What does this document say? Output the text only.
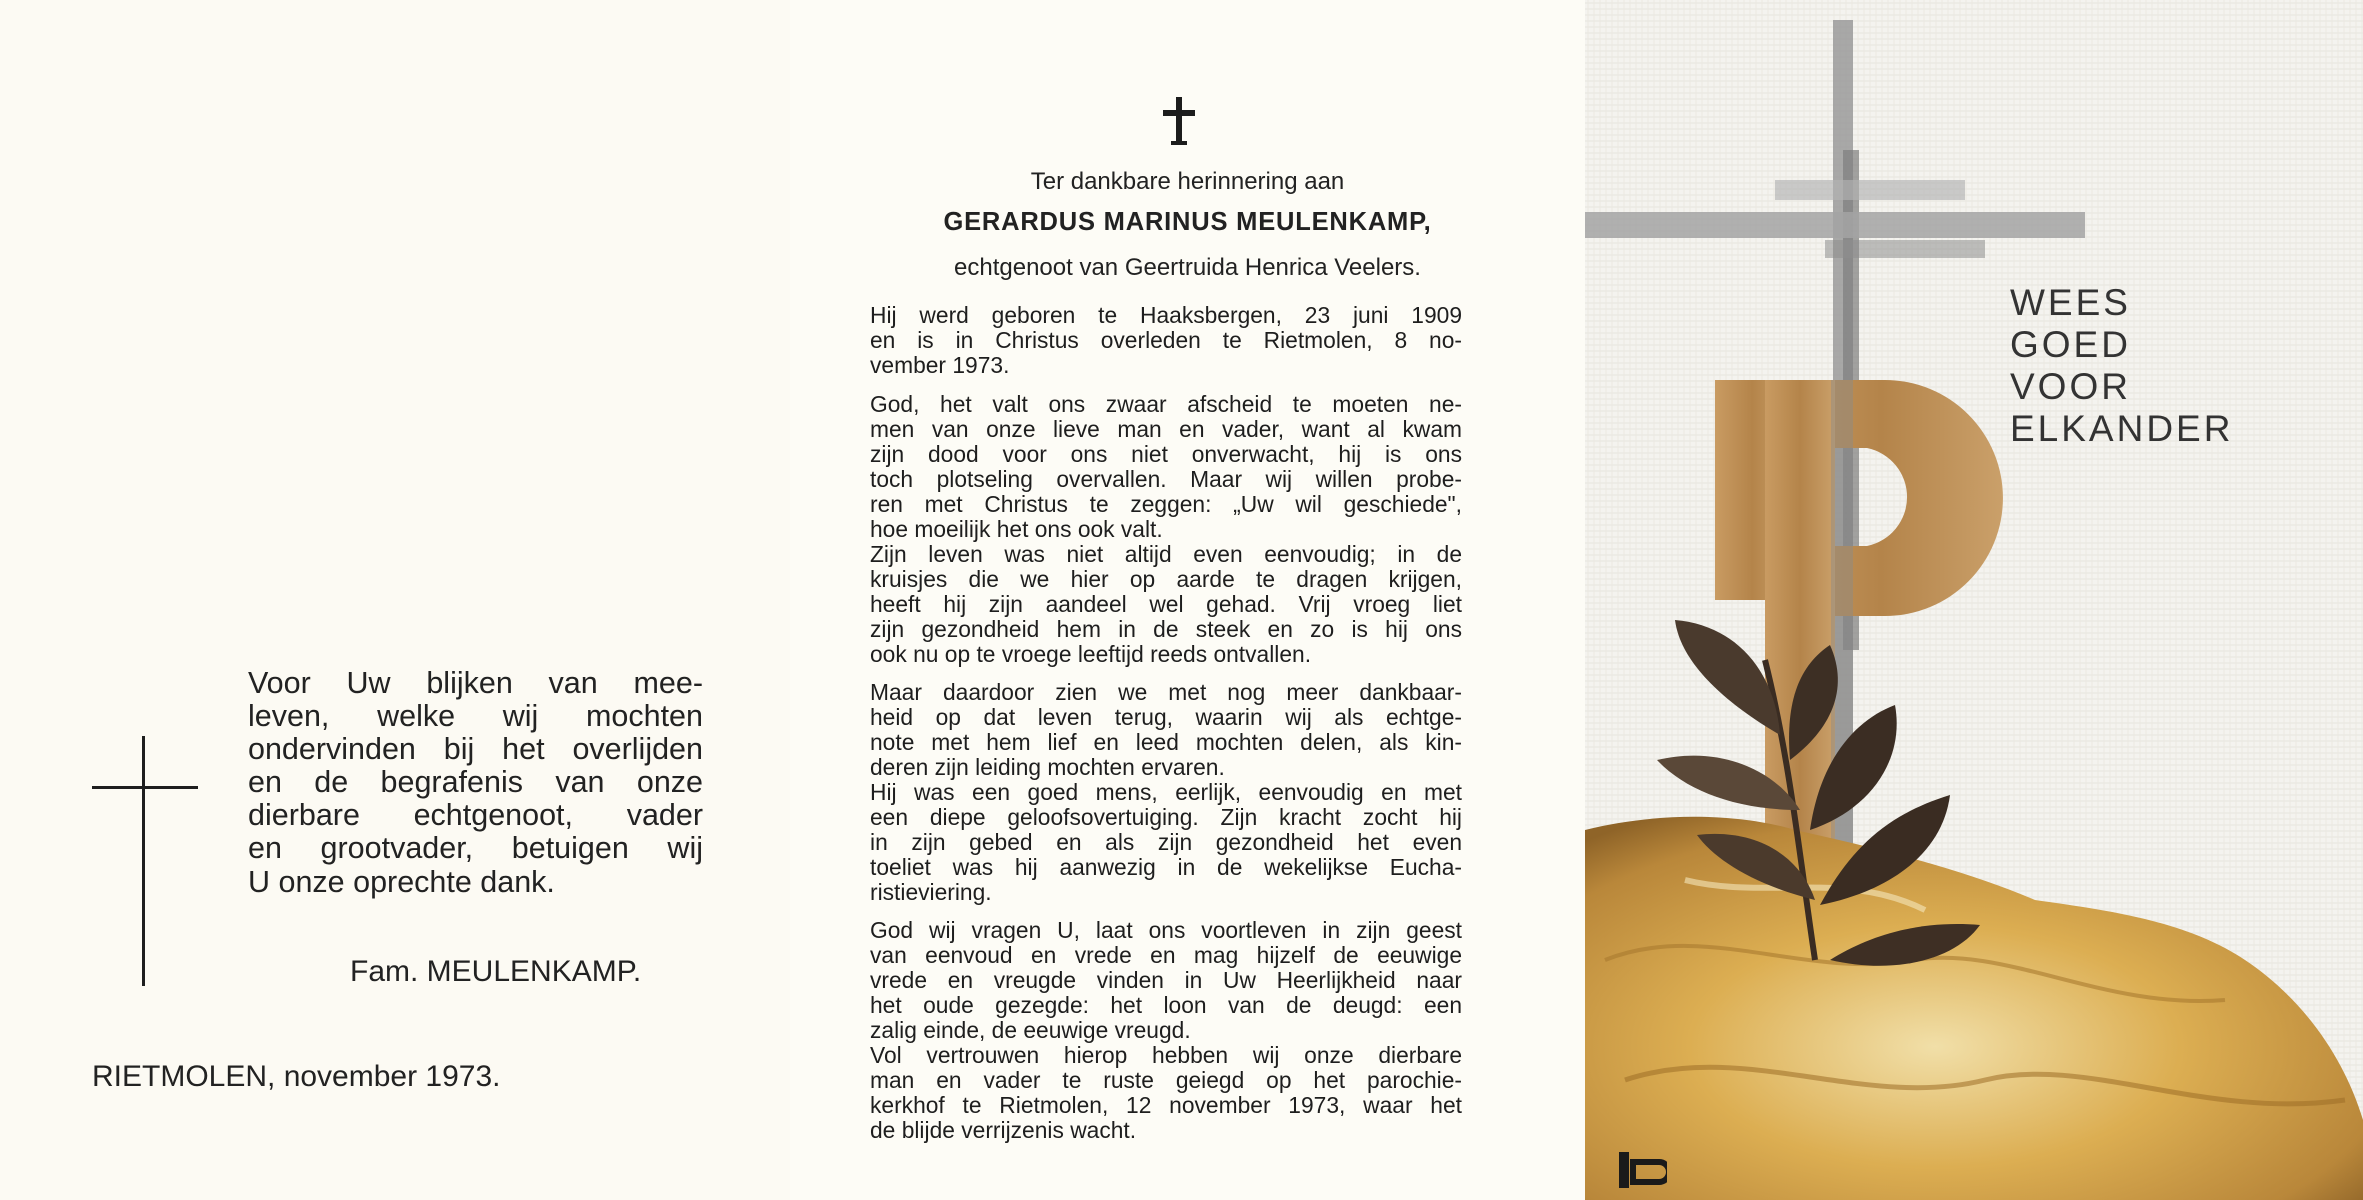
Voor Uw blijken van mee-
leven, welke wij mochten
ondervinden bij het overlijden
en de begrafenis van onze
dierbare echtgenoot, vader
en grootvader, betuigen wij
U onze oprechte dank.
Fam. MEULENKAMP.
RIETMOLEN, november 1973.
Ter dankbare herinnering aan
GERARDUS MARINUS MEULENKAMP,
echtgenoot van Geertruida Henrica Veelers.
Hij werd geboren te Haaksbergen, 23 juni 1909
en is in Christus overleden te Rietmolen, 8 no-
vember 1973.
God, het valt ons zwaar afscheid te moeten ne-
men van onze lieve man en vader, want al kwam
zijn dood voor ons niet onverwacht, hij is ons
toch plotseling overvallen. Maar wij willen probe-
ren met Christus te zeggen: „Uw wil geschiede",
hoe moeilijk het ons ook valt.
Zijn leven was niet altijd even eenvoudig; in de
kruisjes die we hier op aarde te dragen krijgen,
heeft hij zijn aandeel wel gehad. Vrij vroeg liet
zijn gezondheid hem in de steek en zo is hij ons
ook nu op te vroege leeftijd reeds ontvallen.
Maar daardoor zien we met nog meer dankbaar-
heid op dat leven terug, waarin wij als echtge-
note met hem lief en leed mochten delen, als kin-
deren zijn leiding mochten ervaren.
Hij was een goed mens, eerlijk, eenvoudig en met
een diepe geloofsovertuiging. Zijn kracht zocht hij
in zijn gebed en als zijn gezondheid het even
toeliet was hij aanwezig in de wekelijkse Eucha-
ristieviering.
God wij vragen U, laat ons voortleven in zijn geest
van eenvoud en vrede en mag hijzelf de eeuwige
vrede en vreugde vinden in Uw Heerlijkheid naar
het oude gezegde: het loon van de deugd: een
zalig einde, de eeuwige vreugd.
Vol vertrouwen hierop hebben wij onze dierbare
man en vader te ruste geiegd op het parochie-
kerkhof te Rietmolen, 12 november 1973, waar het
de blijde verrijzenis wacht.
WEES
GOED
VOOR
ELKANDER
